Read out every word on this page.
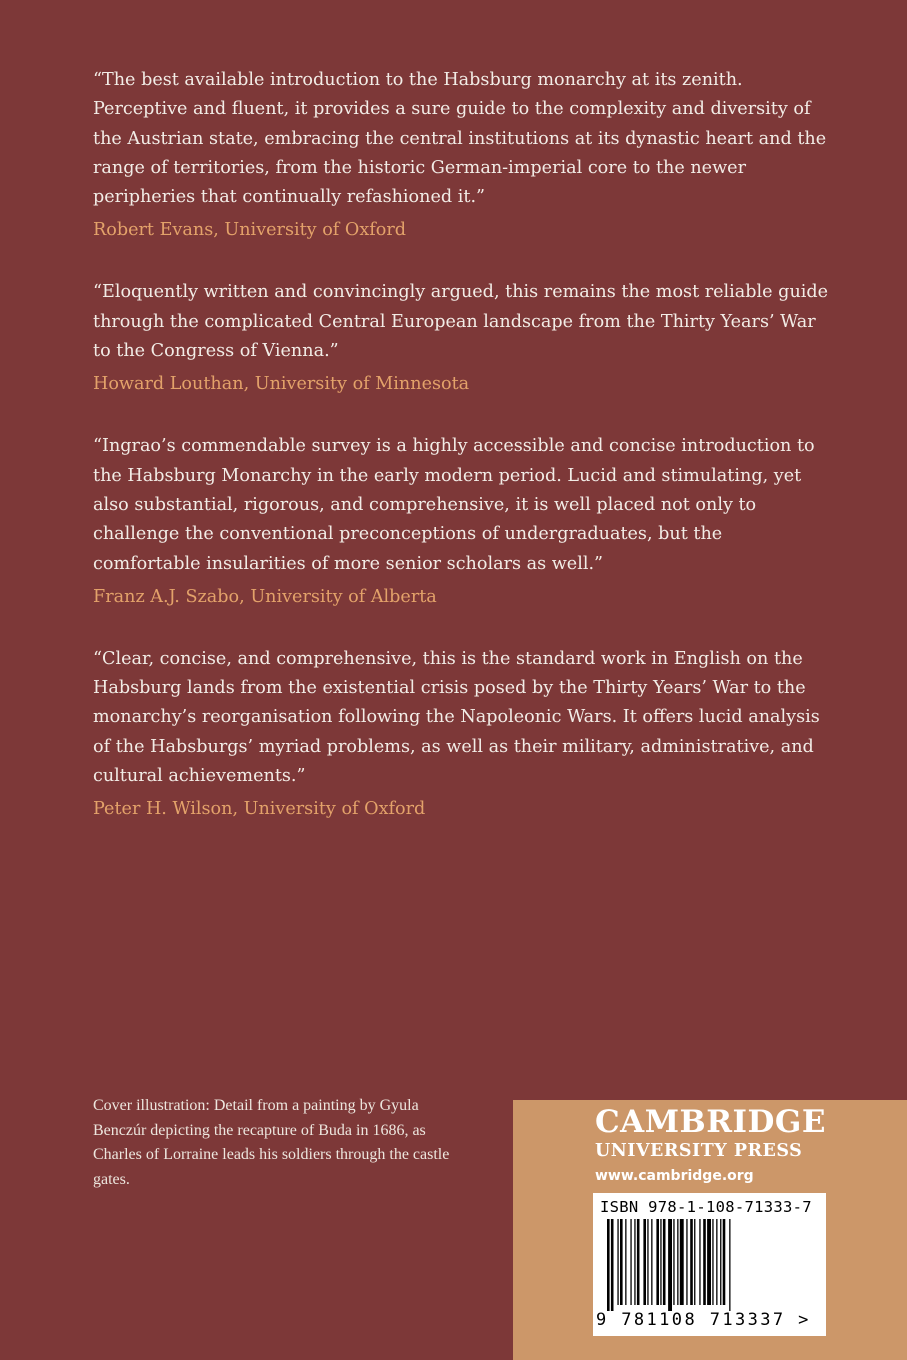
“The best available introduction to the Habsburg monarchy at its zenith. Perceptive and fluent, it provides a sure guide to the complexity and diversity of the Austrian state, embracing the central institutions at its dynastic heart and the range of territories, from the historic German-imperial core to the newer peripheries that continually refashioned it.”

Robert Evans, University of Oxford

“Eloquently written and convincingly argued, this remains the most reliable guide through the complicated Central European landscape from the Thirty Years’ War to the Congress of Vienna.”

Howard Louthan, University of Minnesota

“Ingrao’s commendable survey is a highly accessible and concise introduction to the Habsburg Monarchy in the early modern period. Lucid and stimulating, yet also substantial, rigorous, and comprehensive, it is well placed not only to challenge the conventional preconceptions of undergraduates, but the comfortable insularities of more senior scholars as well.”

Franz A.J. Szabo, University of Alberta

“Clear, concise, and comprehensive, this is the standard work in English on the Habsburg lands from the existential crisis posed by the Thirty Years’ War to the monarchy’s reorganisation following the Napoleonic Wars. It offers lucid analysis of the Habsburgs’ myriad problems, as well as their military, administrative, and cultural achievements.”

Peter H. Wilson, University of Oxford
Cover illustration: Detail from a painting by Gyula Benczúr depicting the recapture of Buda in 1686, as Charles of Lorraine leads his soldiers through the castle gates.
CAMBRIDGE
UNIVERSITY PRESS
www.cambridge.org
ISBN 978-1-108-71333-7
9 781108 713337 >
